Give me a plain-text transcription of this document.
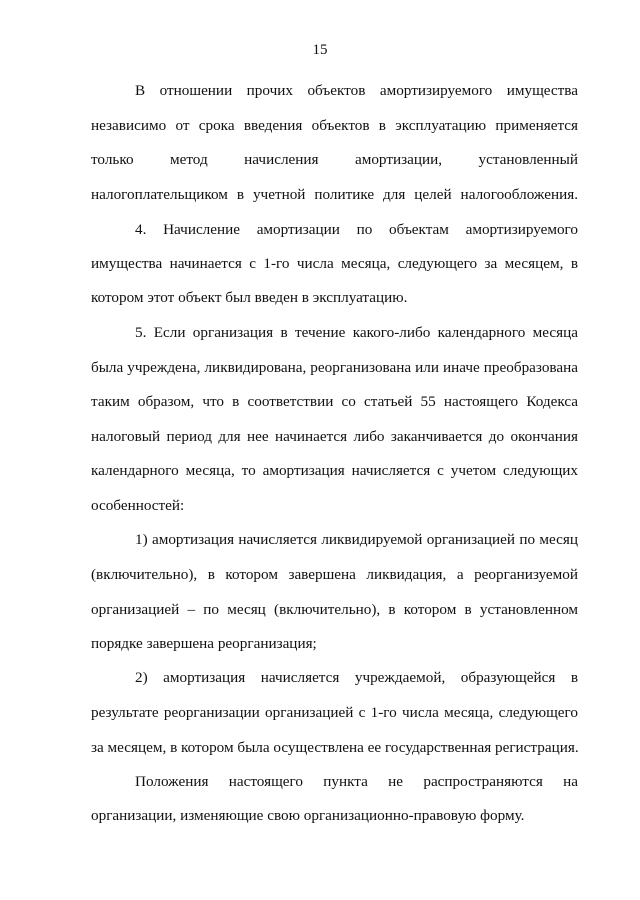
15
В отношении прочих объектов амортизируемого имущества
независимо от срока введения объектов в эксплуатацию применяется
только метод начисления амортизации, установленный
налогоплательщиком в учетной политике для целей налогообложения.
4. Начисление амортизации по объектам амортизируемого
имущества начинается с 1-го числа месяца, следующего за месяцем, в
котором этот объект был введен в эксплуатацию.
5. Если организация в течение какого-либо календарного месяца
была учреждена, ликвидирована, реорганизована или иначе преобразована
таким образом, что в соответствии со статьей 55 настоящего Кодекса
налоговый период для нее начинается либо заканчивается до окончания
календарного месяца, то амортизация начисляется с учетом следующих
особенностей:
1) амортизация начисляется ликвидируемой организацией по месяц
(включительно), в котором завершена ликвидация, а реорганизуемой
организацией – по месяц (включительно), в котором в установленном
порядке завершена реорганизация;
2) амортизация начисляется учреждаемой, образующейся в
результате реорганизации организацией с 1-го числа месяца, следующего
за месяцем, в котором была осуществлена ее государственная регистрация.
Положения настоящего пункта не распространяются на
организации, изменяющие свою организационно-правовую форму.
